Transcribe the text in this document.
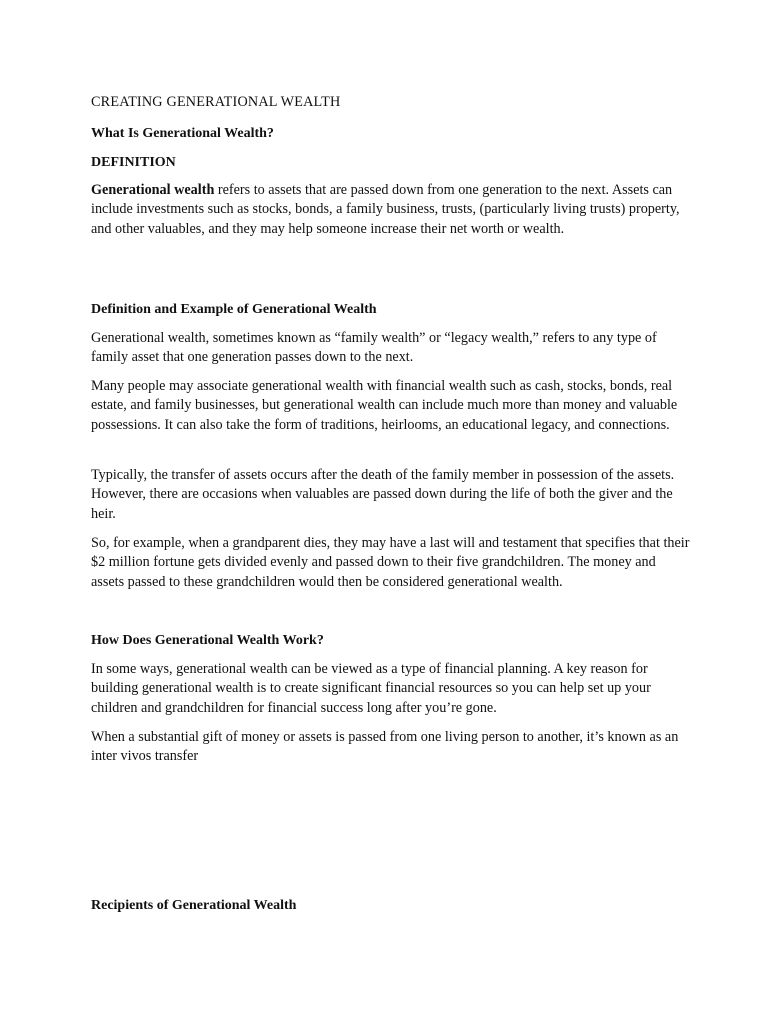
CREATING GENERATIONAL WEALTH
What Is Generational Wealth?
DEFINITION

Generational wealth refers to assets that are passed down from one generation to the next. Assets can include investments such as stocks, bonds, a family business, trusts, (particularly living trusts) property, and other valuables, and they may help someone increase their net worth or wealth.

Definition and Example of Generational Wealth

Generational wealth, sometimes known as “family wealth” or “legacy wealth,” refers to any type of family asset that one generation passes down to the next.

Many people may associate generational wealth with financial wealth such as cash, stocks, bonds, real estate, and family businesses, but generational wealth can include much more than money and valuable possessions. It can also take the form of traditions, heirlooms, an educational legacy, and connections.

Typically, the transfer of assets occurs after the death of the family member in possession of the assets. However, there are occasions when valuables are passed down during the life of both the giver and the heir.

So, for example, when a grandparent dies, they may have a last will and testament that specifies that their $2 million fortune gets divided evenly and passed down to their five grandchildren. The money and assets passed to these grandchildren would then be considered generational wealth.

How Does Generational Wealth Work?

In some ways, generational wealth can be viewed as a type of financial planning. A key reason for building generational wealth is to create significant financial resources so you can help set up your children and grandchildren for financial success long after you’re gone.

When a substantial gift of money or assets is passed from one living person to another, it’s known as an inter vivos transfer

Recipients of Generational Wealth
